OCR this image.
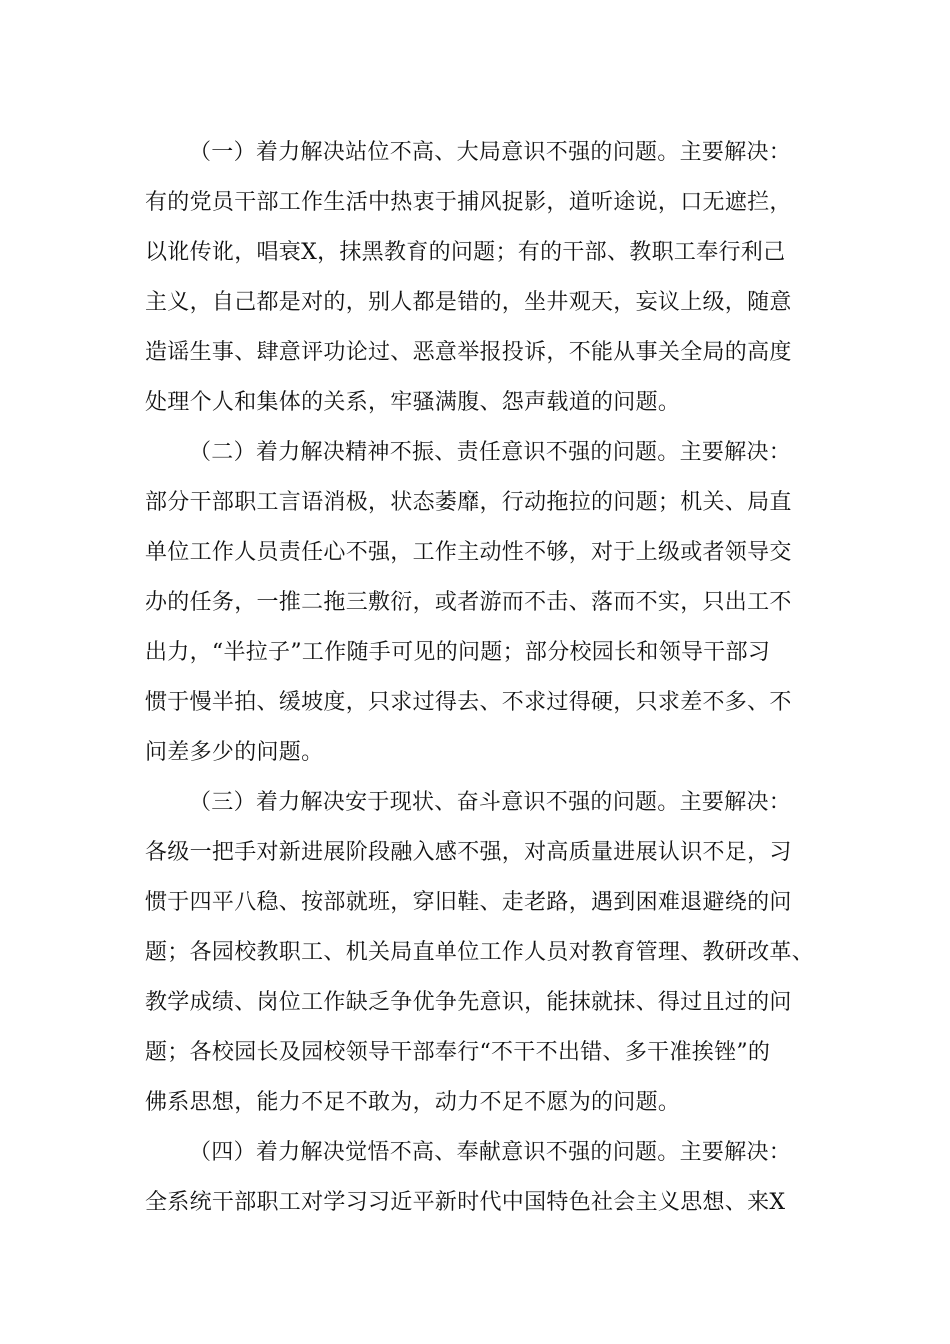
（一）着力解决站位不高、大局意识不强的问题。主要解决：
有的党员干部工作生活中热衷于捕风捉影，道听途说，口无遮拦，
以讹传讹，唱衰X，抹黑教育的问题；有的干部、教职工奉行利己
主义，自己都是对的，别人都是错的，坐井观天，妄议上级，随意
造谣生事、肆意评功论过、恶意举报投诉，不能从事关全局的高度
处理个人和集体的关系，牢骚满腹、怨声载道的问题。
（二）着力解决精神不振、责任意识不强的问题。主要解决：
部分干部职工言语消极，状态萎靡，行动拖拉的问题；机关、局直
单位工作人员责任心不强，工作主动性不够，对于上级或者领导交
办的任务，一推二拖三敷衍，或者游而不击、落而不实，只出工不
出力，“半拉子”工作随手可见的问题；部分校园长和领导干部习
惯于慢半拍、缓坡度，只求过得去、不求过得硬，只求差不多、不
问差多少的问题。
（三）着力解决安于现状、奋斗意识不强的问题。主要解决：
各级一把手对新进展阶段融入感不强，对高质量进展认识不足，习
惯于四平八稳、按部就班，穿旧鞋、走老路，遇到困难退避绕的问
题；各园校教职工、机关局直单位工作人员对教育管理、教研改革、
教学成绩、岗位工作缺乏争优争先意识，能抹就抹、得过且过的问
题；各校园长及园校领导干部奉行“不干不出错、多干准挨锉”的
佛系思想，能力不足不敢为，动力不足不愿为的问题。
（四）着力解决觉悟不高、奉献意识不强的问题。主要解决：
全系统干部职工对学习习近平新时代中国特色社会主义思想、来X
